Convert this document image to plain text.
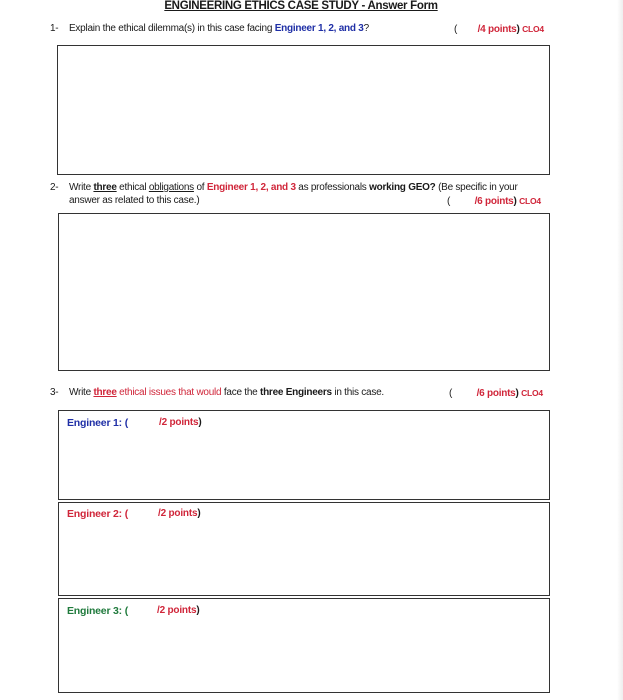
ENGINEERING ETHICS CASE STUDY - Answer Form
1- Explain the ethical dilemma(s) in this case facing Engineer 1, 2, and 3?	( /4 points) CLO4
2- Write three ethical obligations of Engineer 1, 2, and 3 as professionals working GEO? (Be specific in your
answer as related to this case.)	( /6 points) CLO4
3- Write three ethical issues that would face the three Engineers in this case.	( /6 points) CLO4
Engineer 1: (	/2 points)
Engineer 2: (	/2 points)
Engineer 3: (	/2 points)
